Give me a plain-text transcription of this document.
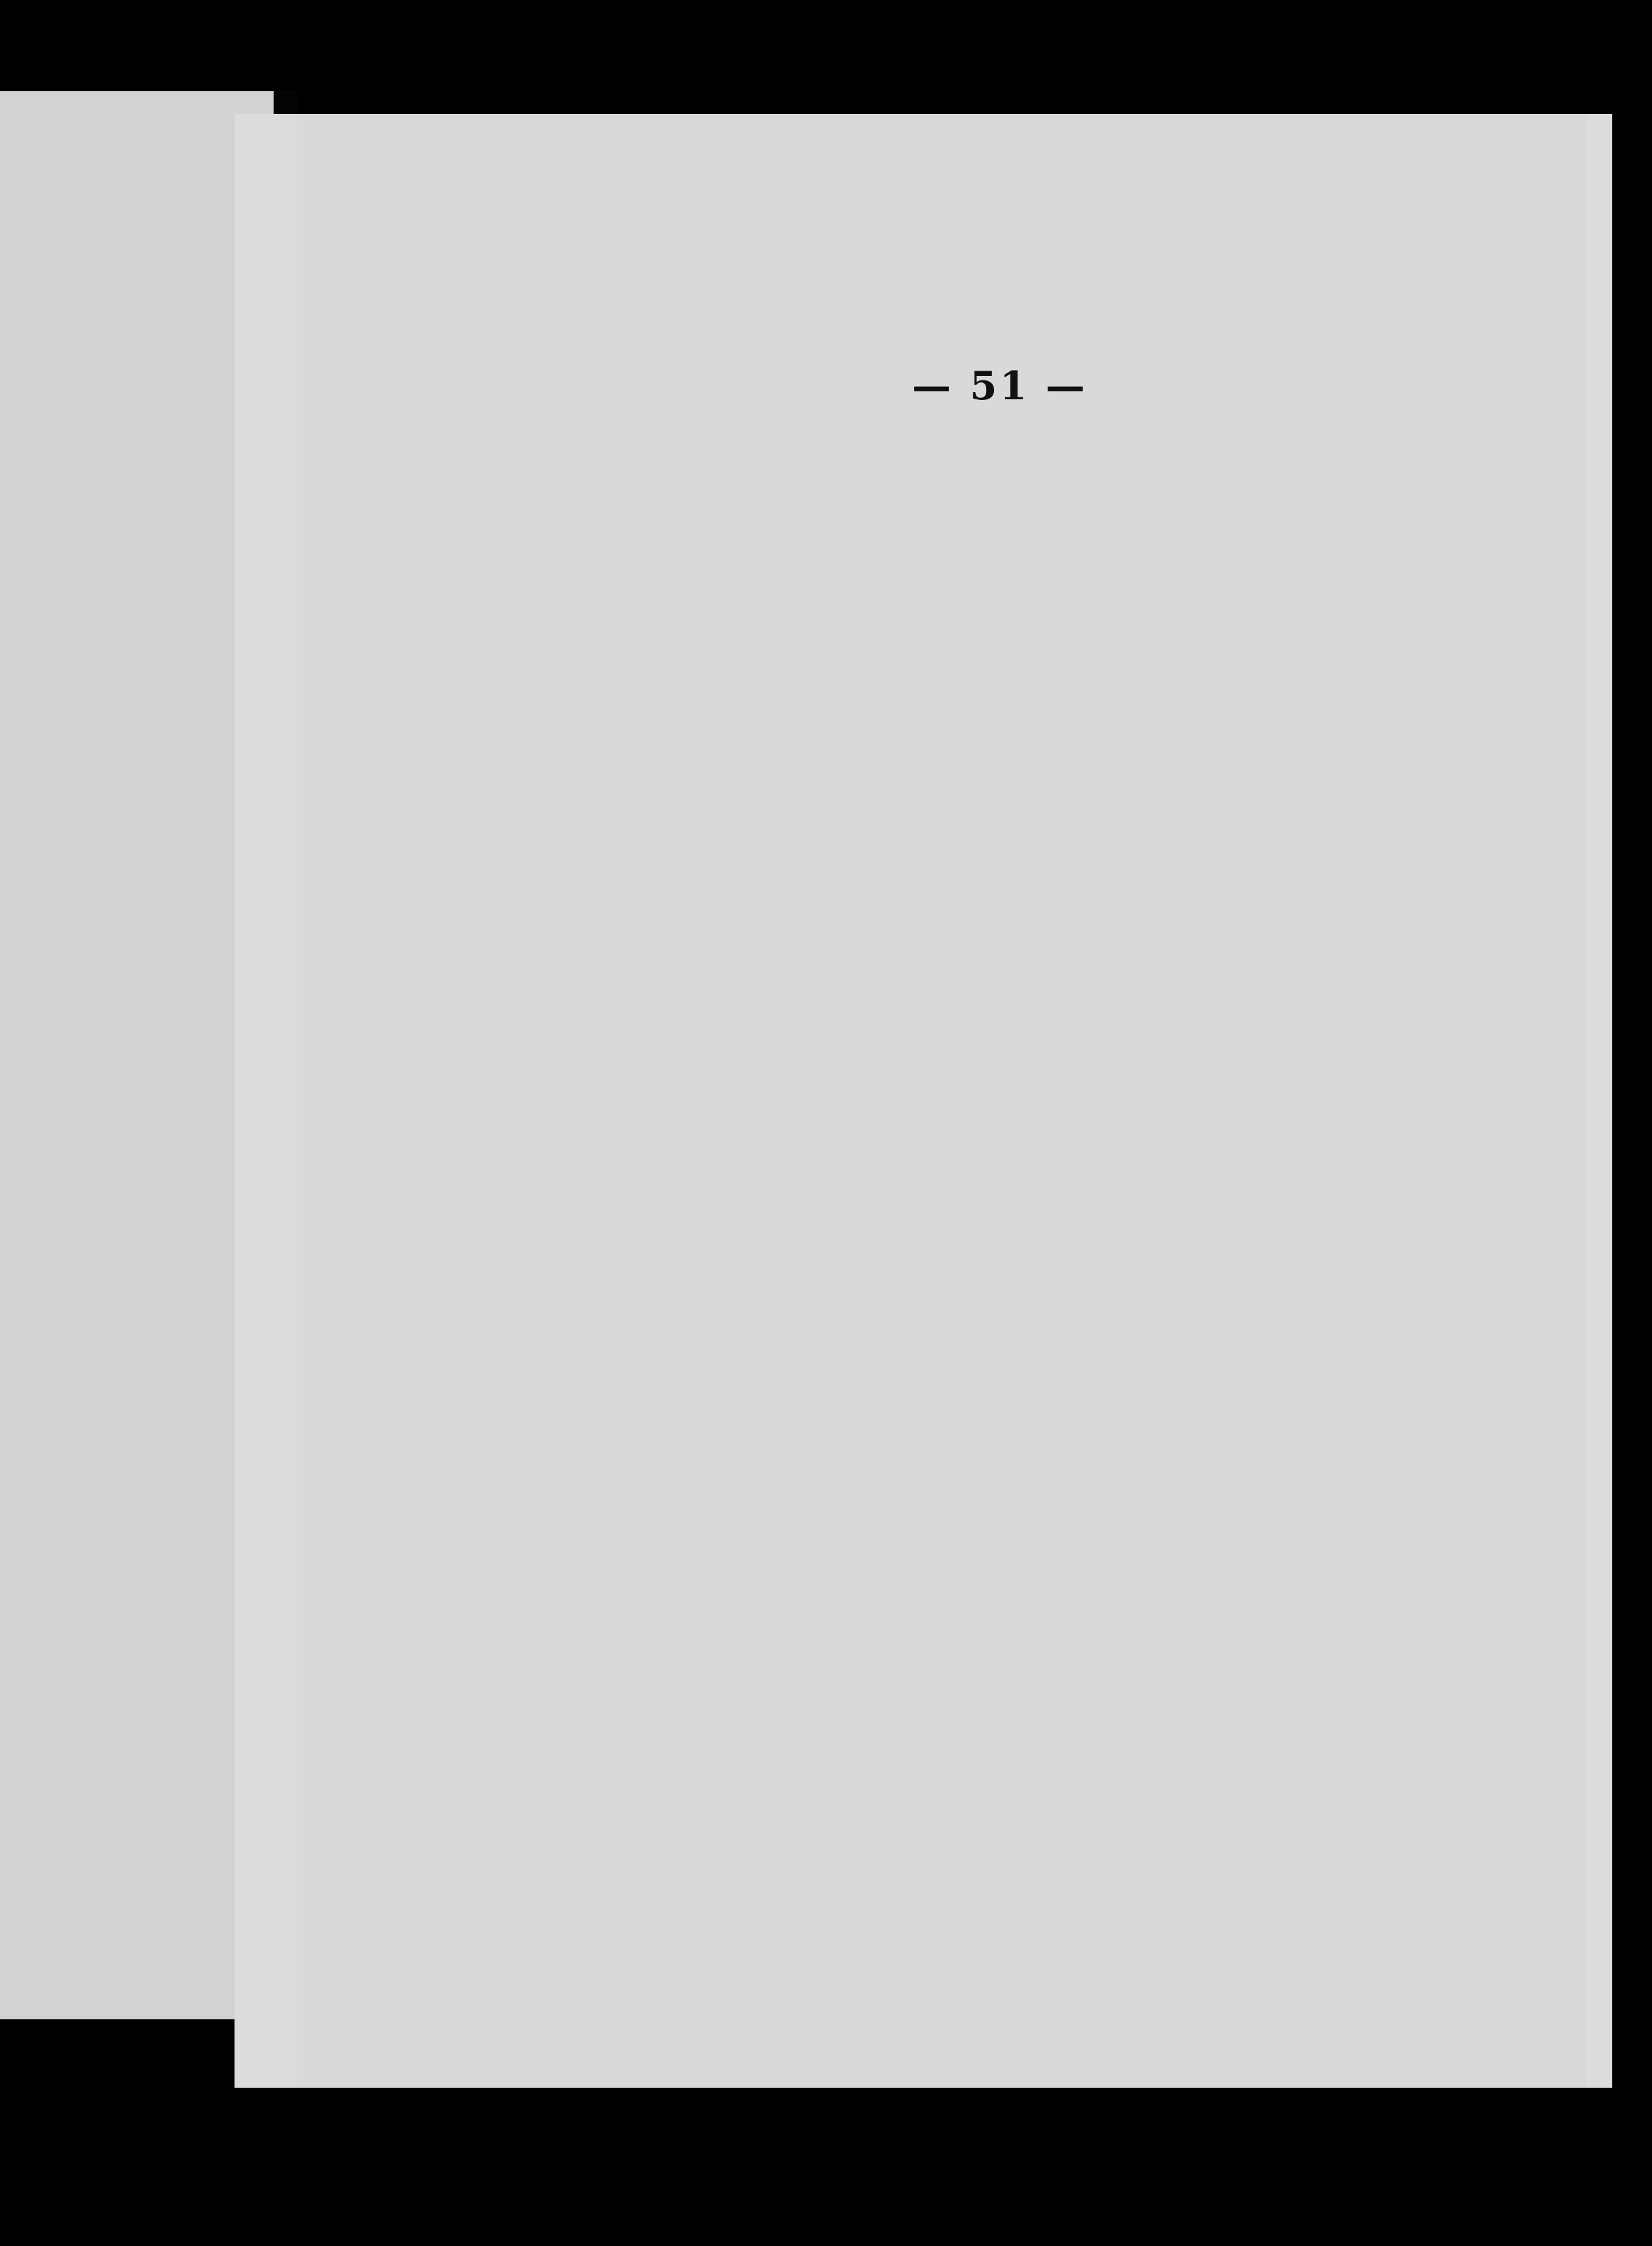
— 51 —
